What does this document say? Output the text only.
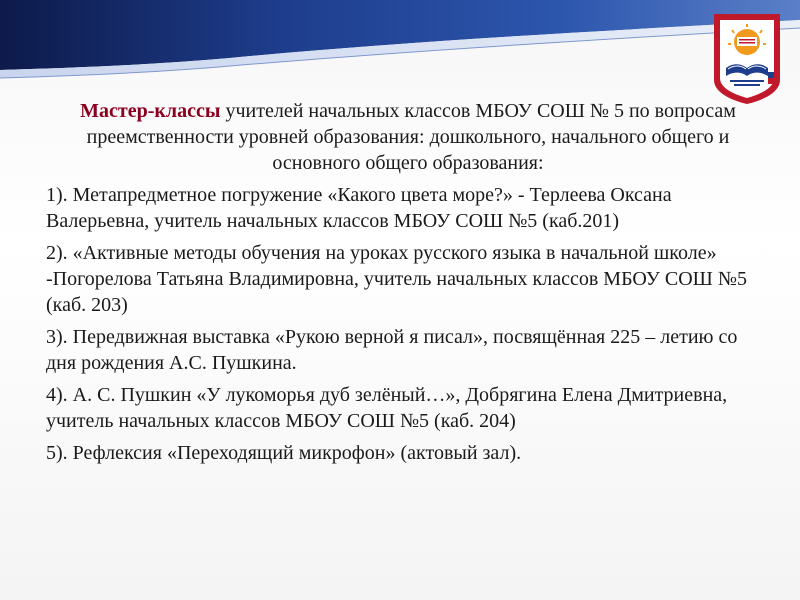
Мастер-классы учителей начальных классов МБОУ СОШ № 5 по вопросам преемственности уровней образования: дошкольного, начального общего и основного общего образования:

1). Метапредметное погружение «Какого цвета море?» - Терлеева Оксана Валерьевна, учитель начальных классов МБОУ СОШ №5 (каб.201)

2). «Активные методы обучения на уроках русского языка в начальной школе» -Погорелова Татьяна Владимировна, учитель начальных классов МБОУ СОШ №5 (каб. 203)

3). Передвижная выставка «Рукою верной я писал», посвящённая 225 – летию со дня рождения А.С. Пушкина.

4). А. С. Пушкин «У лукоморья дуб зелёный…», Добрягина Елена Дмитриевна, учитель начальных классов МБОУ СОШ №5 (каб. 204)

5). Рефлексия «Переходящий микрофон» (актовый зал).
